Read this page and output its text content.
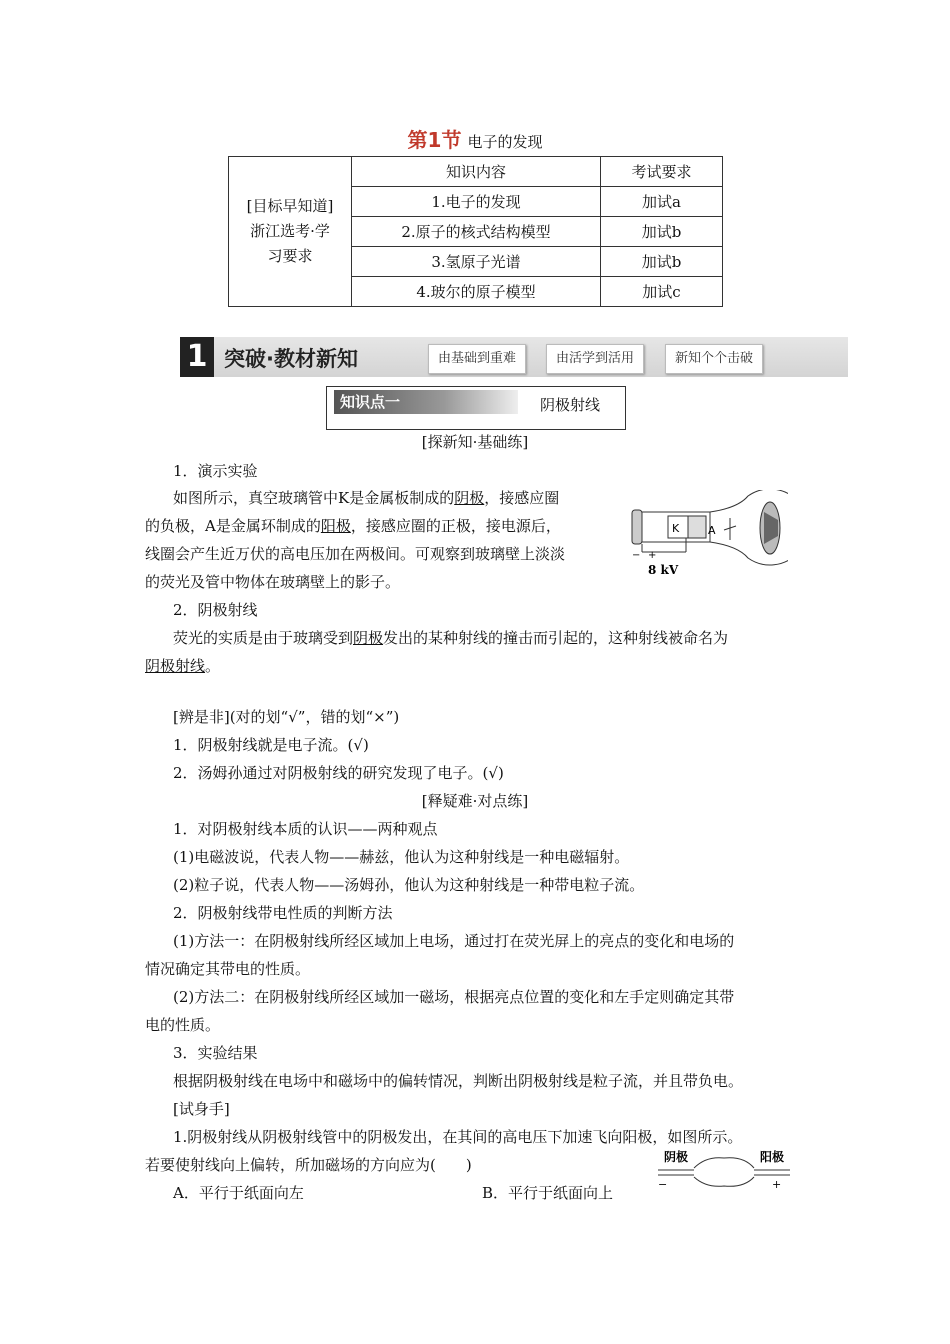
第1节 电子的发现
[目标早知道]
浙江选考·学
习要求	知识内容	考试要求
	1.电子的发现	加试a
	2.原子的核式结构模型	加试b
	3.氢原子光谱	加试b
	4.玻尔的原子模型	加试c
1 突破·教材新知	由基础到重难	由活学到活用	新知个个击破
知识点一	阴极射线
[探新知·基础练]
1．演示实验
如图所示，真空玻璃管中K是金属板制成的阴极，接感应圈
的负极，A是金属环制成的阳极，接感应圈的正极，接电源后，
线圈会产生近万伏的高电压加在两极间。可观察到玻璃壁上淡淡
的荧光及管中物体在玻璃壁上的影子。
K	A
− +
8 kV
2．阴极射线
荧光的实质是由于玻璃受到阴极发出的某种射线的撞击而引起的，这种射线被命名为
阴极射线。
[辨是非](对的划“√”，错的划“×”)
1．阴极射线就是电子流。(√)
2．汤姆孙通过对阴极射线的研究发现了电子。(√)
[释疑难·对点练]
1．对阴极射线本质的认识——两种观点
(1)电磁波说，代表人物——赫兹，他认为这种射线是一种电磁辐射。
(2)粒子说，代表人物——汤姆孙，他认为这种射线是一种带电粒子流。
2．阴极射线带电性质的判断方法
(1)方法一：在阴极射线所经区域加上电场，通过打在荧光屏上的亮点的变化和电场的
情况确定其带电的性质。
(2)方法二：在阴极射线所经区域加一磁场，根据亮点位置的变化和左手定则确定其带
电的性质。
3．实验结果
根据阴极射线在电场中和磁场中的偏转情况，判断出阴极射线是粒子流，并且带负电。
[试身手]
1.阴极射线从阴极射线管中的阴极发出，在其间的高电压下加速飞向阳极，如图所示。
若要使射线向上偏转，所加磁场的方向应为(　　)
A．平行于纸面向左	B．平行于纸面向上
阴极	阳极
−	+
